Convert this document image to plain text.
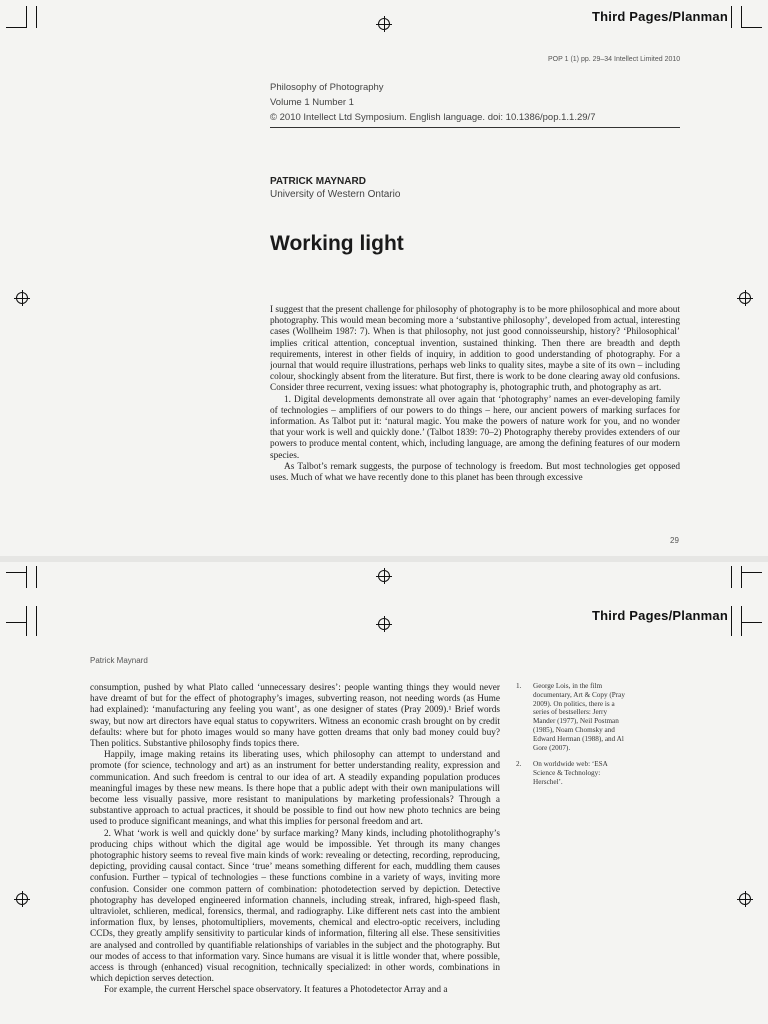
Third Pages/Planman
POP 1 (1) pp. 29–34 Intellect Limited 2010
Philosophy of Photography
Volume 1 Number 1
© 2010 Intellect Ltd Symposium. English language. doi: 10.1386/pop.1.1.29/7
PATRICK MAYNARD
University of Western Ontario
Working light

I suggest that the present challenge for philosophy of photography is to be more philosophical and more about photography. This would mean becoming more a ‘substantive philosophy’, developed from actual, interesting cases (Wollheim 1987: 7). When is that philosophy, not just good connoisseurship, history? ‘Philosophical’ implies critical attention, conceptual invention, sustained thinking. Then there are breadth and depth requirements, interest in other fields of inquiry, in addition to good understanding of photography. For a journal that would require illustrations, perhaps web links to quality sites, maybe a site of its own – including colour, shockingly absent from the literature. But first, there is work to be done clearing away old confusions. Consider three recurrent, vexing issues: what photography is, photographic truth, and photography as art.

1. Digital developments demonstrate all over again that ‘photography’ names an ever-developing family of technologies – amplifiers of our powers to do things – here, our ancient powers of marking surfaces for information. As Talbot put it: ‘natural magic. You make the powers of nature work for you, and no wonder that your work is well and quickly done.’ (Talbot 1839: 70–2) Photography thereby provides extenders of our powers to produce mental content, which, including language, are among the defining features of our modern species.

As Talbot’s remark suggests, the purpose of technology is freedom. But most technologies get opposed uses. Much of what we have recently done to this planet has been through excessive

29
Third Pages/Planman
Patrick Maynard

consumption, pushed by what Plato called ‘unnecessary desires’: people wanting things they would never have dreamt of but for the effect of photography’s images, subverting reason, not needing words (as Hume had explained): ‘manufacturing any feeling you want’, as one designer of states (Pray 2009).¹ Brief words sway, but now art directors have equal status to copywriters. Witness an economic crash brought on by credit defaults: where but for photo images would so many have gotten dreams that only bad money could buy? Then politics. Substantive philosophy finds topics there.

Happily, image making retains its liberating uses, which philosophy can attempt to understand and promote (for science, technology and art) as an instrument for better understanding reality, expression and communication. And such freedom is central to our idea of art. A steadily expanding population produces meaningful images by these new means. Is there hope that a public adept with their own manipulations will become less visually passive, more resistant to manipulations by marketing professionals? Through a substantive approach to actual practices, it should be possible to find out how new photo technics are being used to produce significant meanings, and what this implies for personal freedom and art.

2. What ‘work is well and quickly done’ by surface marking? Many kinds, including photolithography’s producing chips without which the digital age would be impossible. Yet through its many changes photographic history seems to reveal five main kinds of work: revealing or detecting, recording, reproducing, depicting, providing causal contact. Since ‘true’ means something different for each, muddling them causes confusion. Further – typical of technologies – these functions combine in a variety of ways, inviting more confusion. Consider one common pattern of combination: photodetection served by depiction. Detective photography has developed engineered information channels, including streak, infrared, high-speed flash, ultraviolet, schlieren, medical, forensics, thermal, and radiography. Like different nets cast into the ambient information flux, by lenses, photomultipliers, movements, chemical and electro-optic receivers, including CCDs, they greatly amplify sensitivity to particular kinds of information, filtering all else. These sensitivities are analysed and controlled by quantifiable relationships of variables in the subject and the photography. But our modes of access to that information vary. Since humans are visual it is little wonder that, where possible, access is through (enhanced) visual recognition, technically specialized: in other words, combinations in which depiction serves detection.

For example, the current Herschel space observatory. It features a Photodetector Array and a

1.	George Lois, in the film documentary, Art & Copy (Pray 2009). On politics, there is a series of bestsellers: Jerry Mander (1977), Neil Postman (1985), Noam Chomsky and Edward Herman (1988), and Al Gore (2007).
2.	On worldwide web: ‘ESA Science & Technology: Herschel’.
